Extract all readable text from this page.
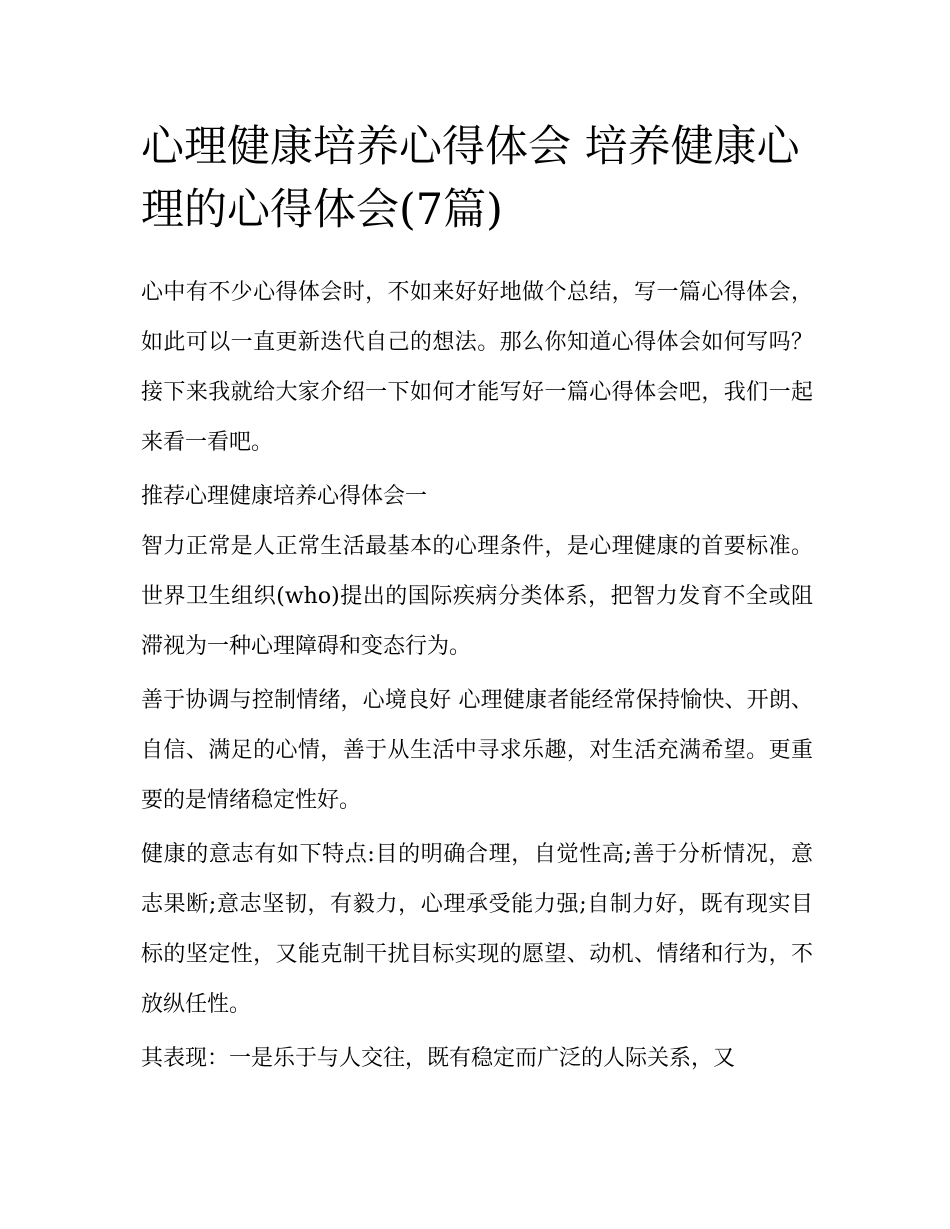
心理健康培养心得体会 培养健康心理的心得体会(7篇)

心中有不少心得体会时，不如来好好地做个总结，写一篇心得体会，如此可以一直更新迭代自己的想法。那么你知道心得体会如何写吗？接下来我就给大家介绍一下如何才能写好一篇心得体会吧，我们一起来看一看吧。

推荐心理健康培养心得体会一

智力正常是人正常生活最基本的心理条件，是心理健康的首要标准。世界卫生组织(who)提出的国际疾病分类体系，把智力发育不全或阻滞视为一种心理障碍和变态行为。

善于协调与控制情绪，心境良好 心理健康者能经常保持愉快、开朗、自信、满足的心情，善于从生活中寻求乐趣，对生活充满希望。更重要的是情绪稳定性好。

健康的意志有如下特点:目的明确合理，自觉性高;善于分析情况，意志果断;意志坚韧，有毅力，心理承受能力强;自制力好，既有现实目标的坚定性，又能克制干扰目标实现的愿望、动机、情绪和行为，不放纵任性。

其表现：一是乐于与人交往，既有稳定而广泛的人际关系，又
